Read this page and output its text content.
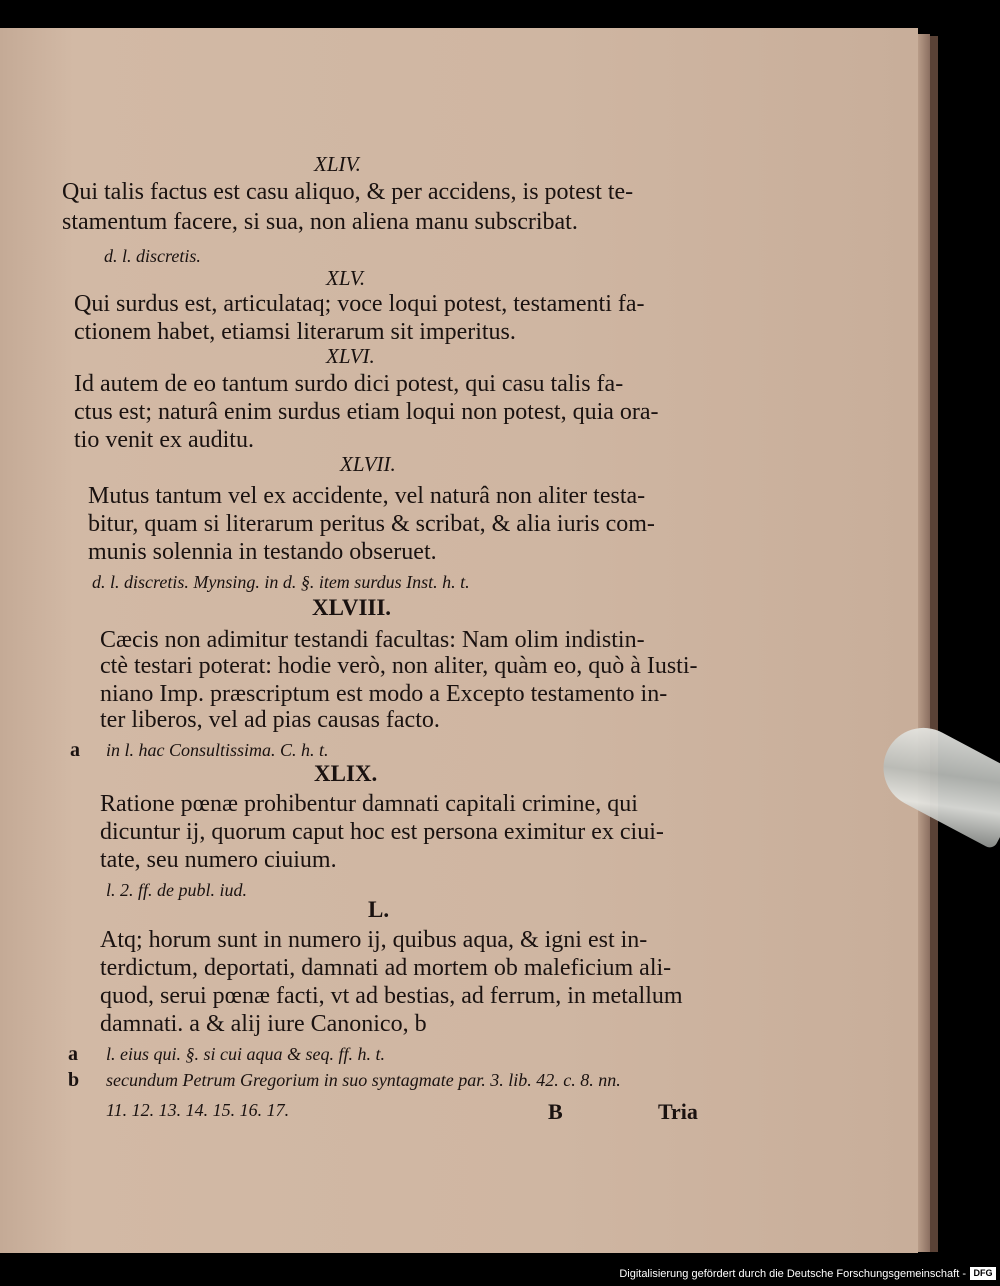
XLIV.
Qui talis factus est casu aliquo, & per accidens, is potest te-
stamentum facere, si sua, non aliena manu subscribat.
d. l. discretis.
XLV.
Qui surdus est, articulataq; voce loqui potest, testamenti fa-
ctionem habet, etiamsi literarum sit imperitus.
XLVI.
Id autem de eo tantum surdo dici potest, qui casu talis fa-
ctus est; naturâ enim surdus etiam loqui non potest, quia ora-
tio venit ex auditu.
XLVII.
Mutus tantum vel ex accidente, vel naturâ non aliter testa-
bitur, quam si literarum peritus & scribat, & alia iuris com-
munis solennia in testando obseruet.
d. l. discretis. Mynsing. in d. §. item surdus Inst. h. t.
XLVIII.
Cæcis non adimitur testandi facultas: Nam olim indistin-
ctè testari poterat: hodie verò, non aliter, quàm eo, quò à Iusti-
niano Imp. præscriptum est modo a Excepto testamento in-
ter liberos, vel ad pias causas facto.
a in l. hac Consultissima. C. h. t.
XLIX.
Ratione pœnæ prohibentur damnati capitali crimine, qui
dicuntur ij, quorum caput hoc est persona eximitur ex ciui-
tate, seu numero ciuium.
l. 2. ff. de publ. iud.
L.
Atq; horum sunt in numero ij, quibus aqua, & igni est in-
terdictum, deportati, damnati ad mortem ob maleficium ali-
quod, serui pœnæ facti, vt ad bestias, ad ferrum, in metallum
damnati. a & alij iure Canonico, b
a l. eius qui. §. si cui aqua & seq. ff. h. t.
b secundum Petrum Gregorium in suo syntagmate par. 3. lib. 42. c. 8. nn.
11. 12. 13. 14. 15. 16. 17.	B	Tria
Digitalisierung gefördert durch die Deutsche Forschungsgemeinschaft - DFG
